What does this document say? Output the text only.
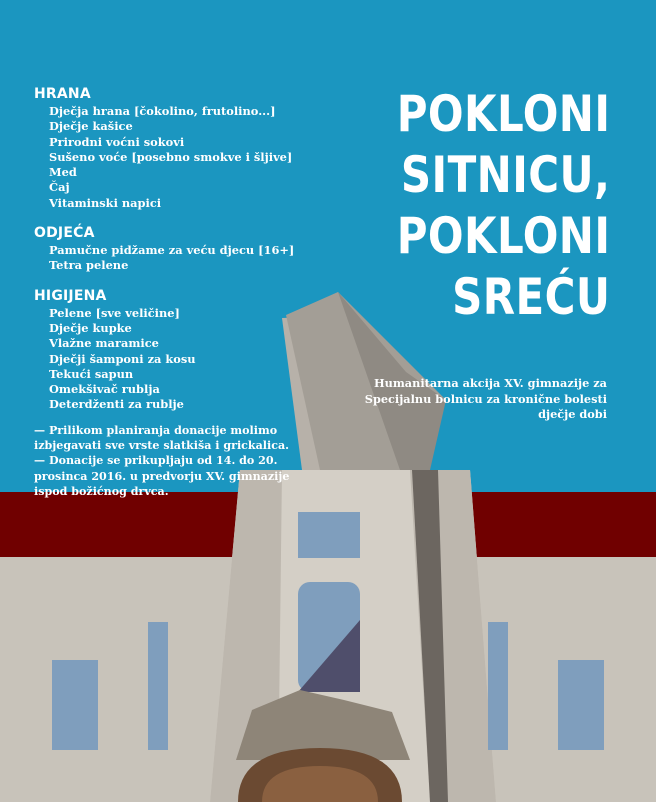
HRANA
Dječja hrana [čokolino, frutolino...]
Dječje kašice
Prirodni voćni sokovi
Sušeno voće [posebno smokve i šljive]
Med
Čaj
Vitaminski napici
ODJEĆA
Pamučne pidžame za veću djecu [16+]
Tetra pelene
HIGIJENA
Pelene [sve veličine]
Dječje kupke
Vlažne maramice
Dječji šamponi za kosu
Tekući sapun
Omekšivač rublja
Deterdženti za rublje

— Prilikom planiranja donacije molimo

izbjegavati sve vrste slatkiša i grickalica.

— Donacije se prikupljaju od 14. do 20.

prosinca 2016. u predvorju XV. gimnazije

ispod božićnog drvca.

POKLONI
SITNICU,
POKLONI
SREĆU

Humanitarna akcija XV. gimnazije za

Specijalnu bolnicu za kronične bolesti

dječje dobi
